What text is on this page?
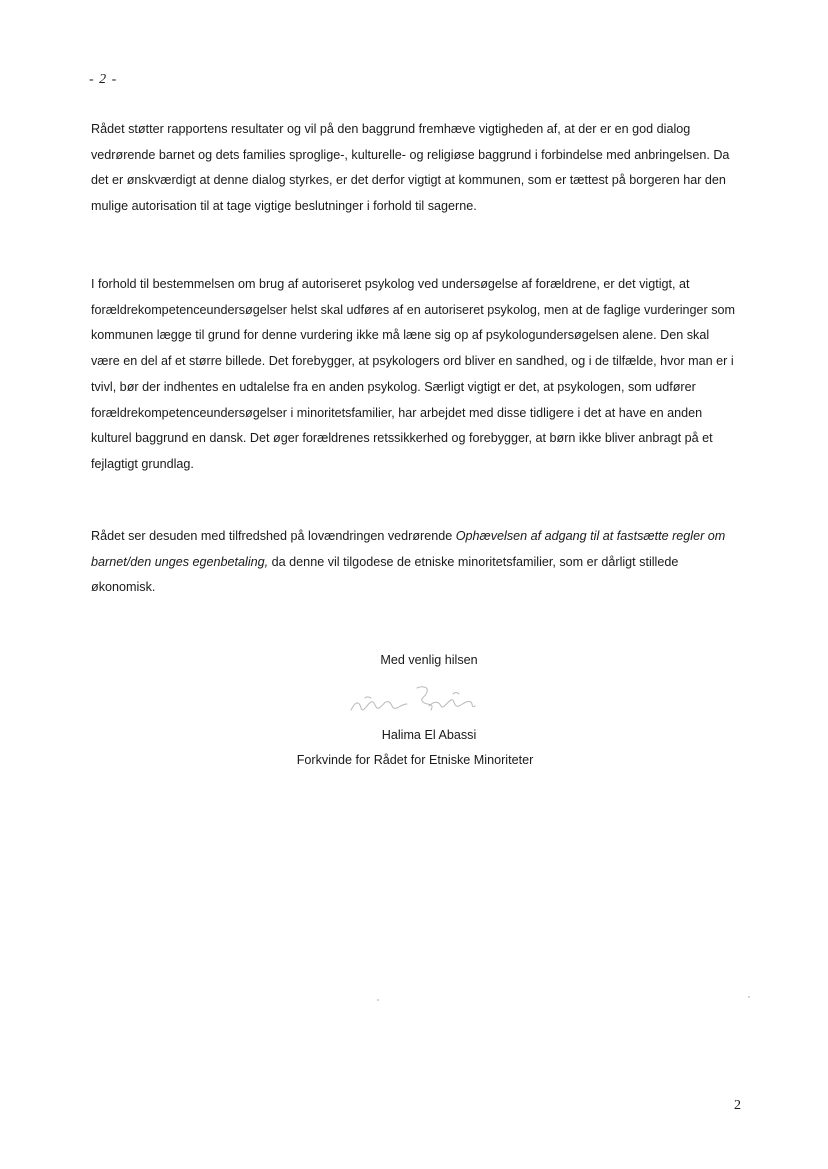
- 2 -

Rådet støtter rapportens resultater og vil på den baggrund fremhæve vigtigheden af, at der er en god dialog vedrørende barnet og dets families sproglige-, kulturelle- og religiøse baggrund i forbindelse med anbringelsen. Da det er ønskværdigt at denne dialog styrkes, er det derfor vigtigt at kommunen, som er tættest på borgeren har den mulige autorisation til at tage vigtige beslutninger i forhold til sagerne.

I forhold til bestemmelsen om brug af autoriseret psykolog ved undersøgelse af forældrene, er det vigtigt, at forældrekompetenceundersøgelser helst skal udføres af en autoriseret psykolog, men at de faglige vurderinger som kommunen lægge til grund for denne vurdering ikke må læne sig op af psykologundersøgelsen alene. Den skal være en del af et større billede. Det forebygger, at psykologers ord bliver en sandhed, og i de tilfælde, hvor man er i tvivl, bør der indhentes en udtalelse fra en anden psykolog. Særligt vigtigt er det, at psykologen, som udfører forældrekompetenceundersøgelser i minoritetsfamilier, har arbejdet med disse tidligere i det at have en anden kulturel baggrund en dansk. Det øger forældrenes retssikkerhed og forebygger, at børn ikke bliver anbragt på et fejlagtigt grundlag.

Rådet ser desuden med tilfredshed på lovændringen vedrørende Ophævelsen af adgang til at fastsætte regler om barnet/den unges egenbetaling, da denne vil tilgodese de etniske minoritetsfamilier, som er dårligt stillede økonomisk.

Med venlig hilsen
Halima El Abassi
Forkvinde for Rådet for Etniske Minoriteter
2
